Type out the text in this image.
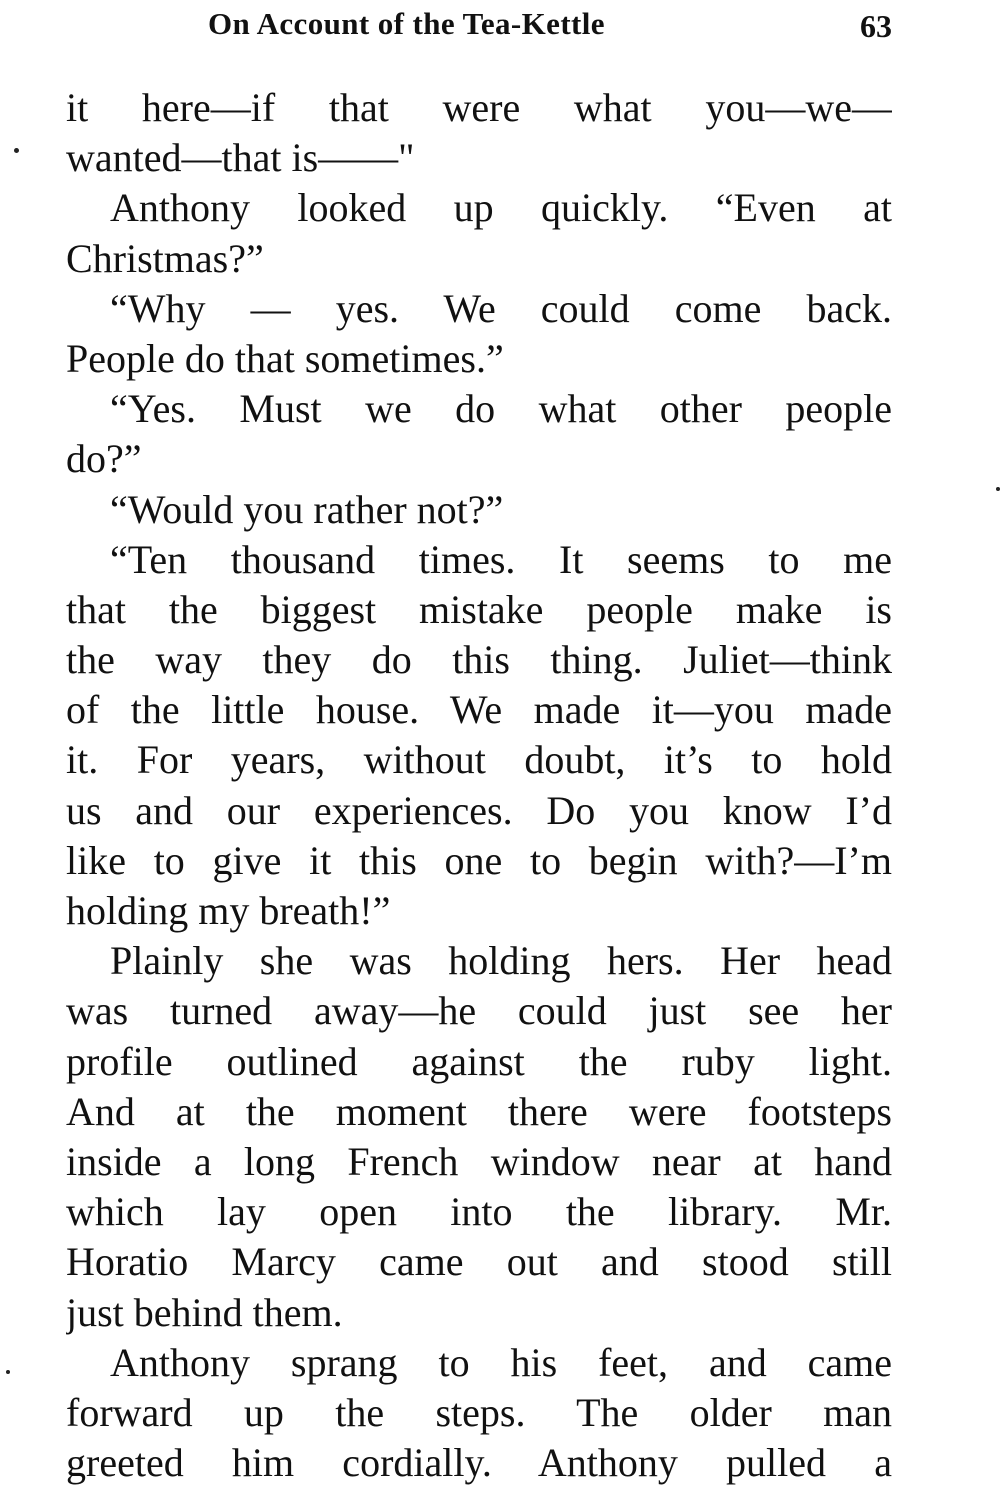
On Account of the Tea-Kettle	63
it here—if that were what you—we—
wanted—that is——"
Anthony looked up quickly. “Even at
Christmas?”
“Why — yes. We could come back.
People do that sometimes.”
“Yes. Must we do what other people
do?”
“Would you rather not?”
“Ten thousand times. It seems to me
that the biggest mistake people make is
the way they do this thing. Juliet—think
of the little house. We made it—you made
it. For years, without doubt, it’s to hold
us and our experiences. Do you know I’d
like to give it this one to begin with?—I’m
holding my breath!”
Plainly she was holding hers. Her head
was turned away—he could just see her
profile outlined against the ruby light.
And at the moment there were footsteps
inside a long French window near at hand
which lay open into the library. Mr.
Horatio Marcy came out and stood still
just behind them.
Anthony sprang to his feet, and came
forward up the steps. The older man
greeted him cordially. Anthony pulled a
